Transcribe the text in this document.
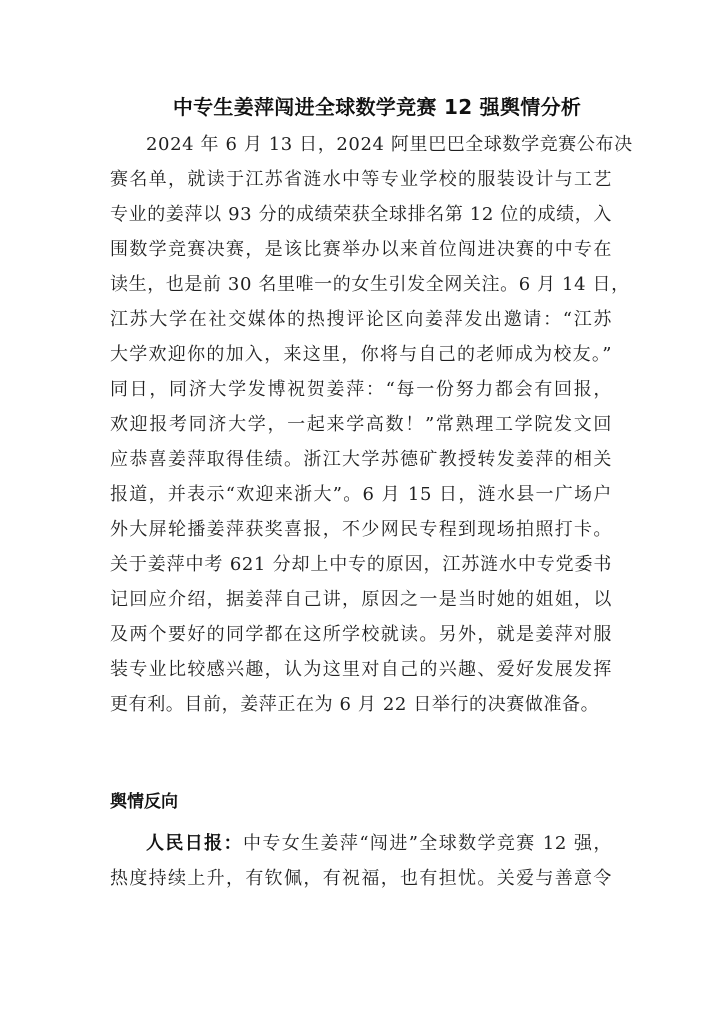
中专生姜萍闯进全球数学竞赛 12 强舆情分析
2024 年 6 月 13 日，2024 阿里巴巴全球数学竞赛公布决
赛名单，就读于江苏省涟水中等专业学校的服装设计与工艺
专业的姜萍以 93 分的成绩荣获全球排名第 12 位的成绩，入
围数学竞赛决赛，是该比赛举办以来首位闯进决赛的中专在
读生，也是前 30 名里唯一的女生引发全网关注。6 月 14 日，
江苏大学在社交媒体的热搜评论区向姜萍发出邀请：“江苏
大学欢迎你的加入，来这里，你将与自己的老师成为校友。”
同日，同济大学发博祝贺姜萍：“每一份努力都会有回报，
欢迎报考同济大学，一起来学高数！”常熟理工学院发文回
应恭喜姜萍取得佳绩。浙江大学苏德矿教授转发姜萍的相关
报道，并表示“欢迎来浙大”。6 月 15 日，涟水县一广场户
外大屏轮播姜萍获奖喜报，不少网民专程到现场拍照打卡。
关于姜萍中考 621 分却上中专的原因，江苏涟水中专党委书
记回应介绍，据姜萍自己讲，原因之一是当时她的姐姐，以
及两个要好的同学都在这所学校就读。另外，就是姜萍对服
装专业比较感兴趣，认为这里对自己的兴趣、爱好发展发挥
更有利。目前，姜萍正在为 6 月 22 日举行的决赛做准备。
舆情反向
人民日报：中专女生姜萍“闯进”全球数学竞赛 12 强，
热度持续上升，有钦佩，有祝福，也有担忧。关爱与善意令
